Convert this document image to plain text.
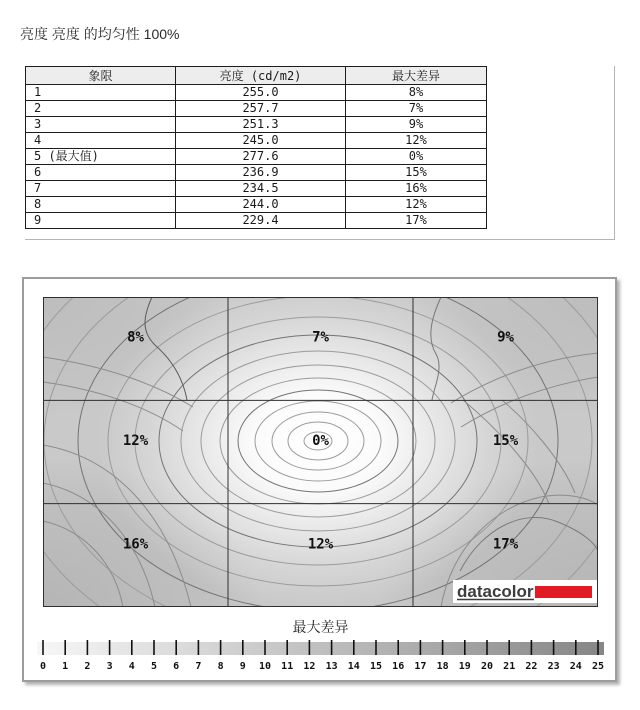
亮度 亮度 的均匀性 100%
象限	亮度 (cd/m2)	最大差异
1	255.0	8%
2	257.7	7%
3	251.3	9%
4	245.0	12%
5 (最大值)	277.6	0%
6	236.9	15%
7	234.5	16%
8	244.0	12%
9	229.4	17%
8%	7%	9%
12%	0%	15%
16%	12%	17%
datacolor
最大差异
0 1 2 3 4 5 6 7 8 9 10 11 12 13 14 15 16 17 18 19 20 21 22 23 24 25
